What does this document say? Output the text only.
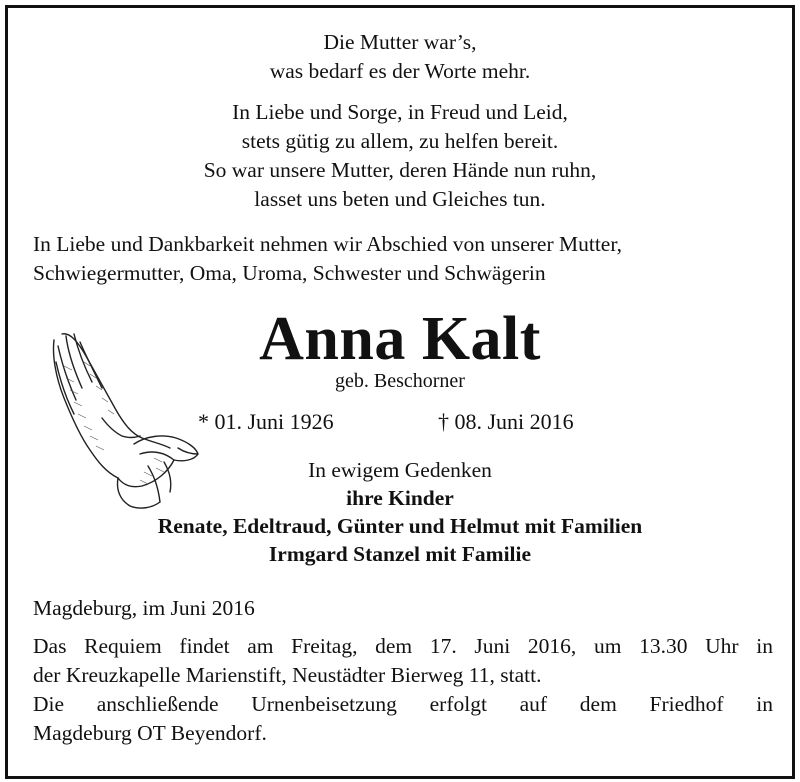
Die Mutter war’s,
was bedarf es der Worte mehr.
In Liebe und Sorge, in Freud und Leid,
stets gütig zu allem, zu helfen bereit.
So war unsere Mutter, deren Hände nun ruhn,
lasset uns beten und Gleiches tun.
In Liebe und Dankbarkeit nehmen wir Abschied von unserer Mutter,
Schwiegermutter, Oma, Uroma, Schwester und Schwägerin
Anna Kalt
geb. Beschorner
* 01. Juni 1926	† 08. Juni 2016
In ewigem Gedenken
ihre Kinder
Renate, Edeltraud, Günter und Helmut mit Familien
Irmgard Stanzel mit Familie
Magdeburg, im Juni 2016
Das Requiem findet am Freitag, dem 17. Juni 2016, um 13.30 Uhr in
der Kreuzkapelle Marienstift, Neustädter Bierweg 11, statt.
Die anschließende Urnenbeisetzung erfolgt auf dem Friedhof in
Magdeburg OT Beyendorf.
